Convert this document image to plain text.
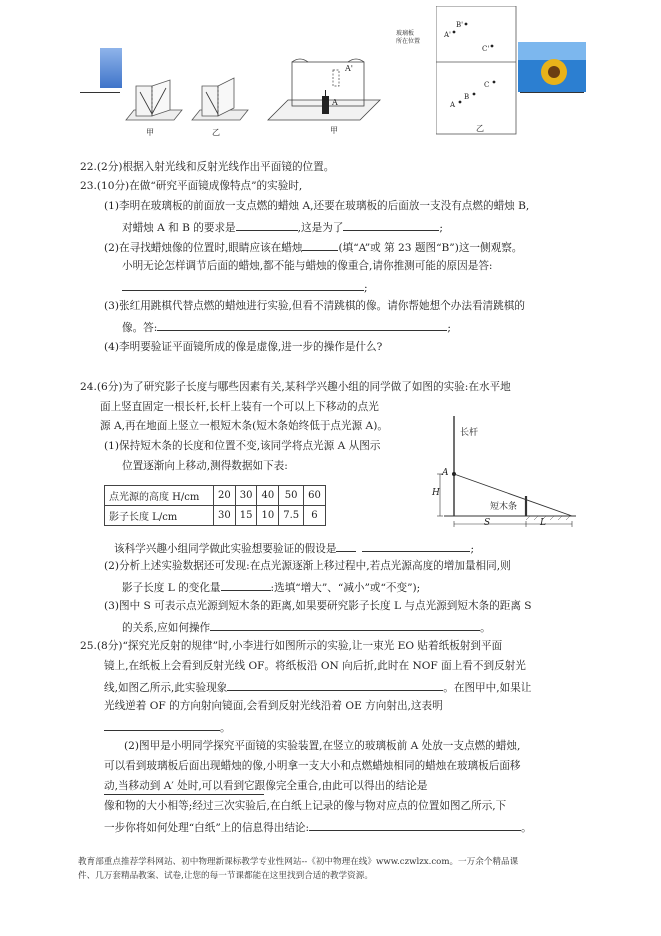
甲	乙
A'
A
甲
玻璃板
所在位置
A'
B'
C'
A
B
C
乙
22.(2分)根据入射光线和反射光线作出平面镜的位置。
23.(10分)在做“研究平面镜成像特点”的实验时,
(1)李明在玻璃板的前面放一支点燃的蜡烛 A,还要在玻璃板的后面放一支没有点燃的蜡烛 B,
对蜡烛 A 和 B 的要求是	,这是为了	;
(2)在寻找蜡烛像的位置时,眼睛应该在蜡烛	(填“A”或 第 23 题图“B”)这一侧观察。
小明无论怎样调节后面的蜡烛,都不能与蜡烛的像重合,请你推测可能的原因是答:
;
(3)张红用跳棋代替点燃的蜡烛进行实验,但看不清跳棋的像。请你帮她想个办法看清跳棋的
像。答:	;
(4)李明要验证平面镜所成的像是虚像,进一步的操作是什么?
24.(6分)为了研究影子长度与哪些因素有关,某科学兴趣小组的同学做了如图的实验:在水平地
面上竖直固定一根长杆,长杆上装有一个可以上下移动的点光
源 A,再在地面上竖立一根短木条(短木条始终低于点光源 A)。
(1)保持短木条的长度和位置不变,该同学将点光源 A 从图示
位置逐渐向上移动,测得数据如下表:
点光源的高度 H/cm	20	30	40	50	60
影子长度 L/cm	30	15	10	7.5	6
长杆
A
H
短木条
S	L
该科学兴趣小组同学做此实验想要验证的假设是	;
(2)分析上述实验数据还可发现:在点光源逐渐上移过程中,若点光源高度的增加量相同,则
影子长度 L 的变化量	:选填“增大”、“减小”或“不变”);
(3)图中 S 可表示点光源到短木条的距离,如果要研究影子长度 L 与点光源到短木条的距离 S
的关系,应如何操作	。
25.(8分)“探究光反射的规律”时,小李进行如图所示的实验,让一束光 EO 贴着纸板射到平面
镜上,在纸板上会看到反射光线 OF。将纸板沿 ON 向后折,此时在 NOF 面上看不到反射光
线,如图乙所示,此实验现象	。在图甲中,如果让
光线逆着 OF 的方向射向镜面,会看到反射光线沿着 OE 方向射出,这表明
。
(2)图甲是小明同学探究平面镜的实验装置,在竖立的玻璃板前 A 处放一支点燃的蜡烛,
可以看到玻璃板后面出现蜡烛的像,小明拿一支大小和点燃蜡烛相同的蜡烛在玻璃板后面移
动,当移动到 A′ 处时,可以看到它跟像完全重合,由此可以得出的结论是
像和物的大小相等;经过三次实验后,在白纸上记录的像与物对应点的位置如图乙所示,下
一步你将如何处理“白纸”上的信息得出结论:	。
教育部重点推荐学科网站、初中物理新课标教学专业性网站--《初中物理在线》www.czwlzx.com。一万余个精品课
件、几万套精品教案、试卷,让您的每一节课都能在这里找到合适的教学资源。
